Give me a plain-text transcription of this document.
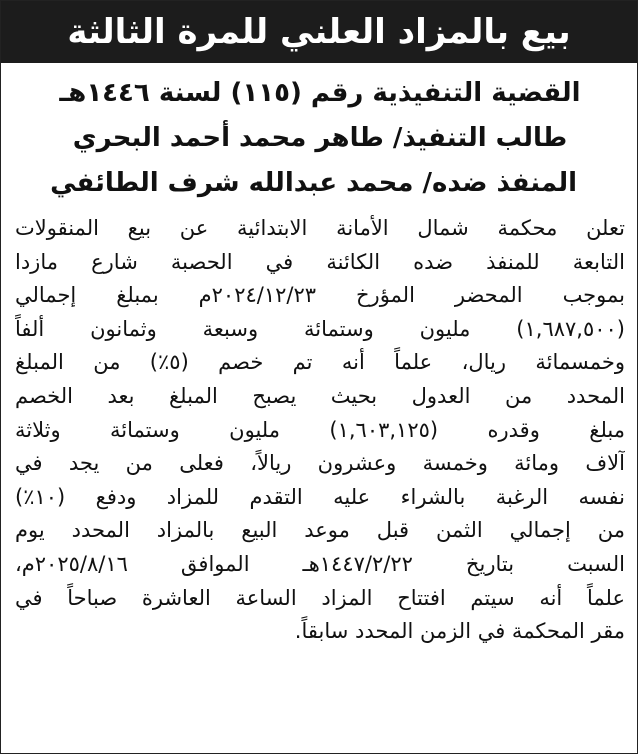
بيع بالمزاد العلني للمرة الثالثة
القضية التنفيذية رقم (١١٥) لسنة ١٤٤٦هـ
طالب التنفيذ/ طاهر محمد أحمد البحري
المنفذ ضده/ محمد عبدالله شرف الطائفي
تعلن محكمة شمال الأمانة الابتدائية عن بيع المنقولات
التابعة للمنفذ ضده الكائنة في الحصبة شارع مازدا
بموجب المحضر المؤرخ ٢٠٢٤/١٢/٢٣م بمبلغ إجمالي
(١,٦٨٧,٥٠٠) مليون وستمائة وسبعة وثمانون ألفاً
وخمسمائة ريال، علماً أنه تم خصم (٥٪) من المبلغ
المحدد من العدول بحيث يصبح المبلغ بعد الخصم
مبلغ وقدره (١,٦٠٣,١٢٥) مليون وستمائة وثلاثة
آلاف ومائة وخمسة وعشرون ريالاً، فعلى من يجد في
نفسه الرغبة بالشراء عليه التقدم للمزاد ودفع (١٠٪)
من إجمالي الثمن قبل موعد البيع بالمزاد المحدد يوم
السبت بتاريخ ١٤٤٧/٢/٢٢هـ الموافق ٢٠٢٥/٨/١٦م،
علماً أنه سيتم افتتاح المزاد الساعة العاشرة صباحاً في
مقر المحكمة في الزمن المحدد سابقاً.
